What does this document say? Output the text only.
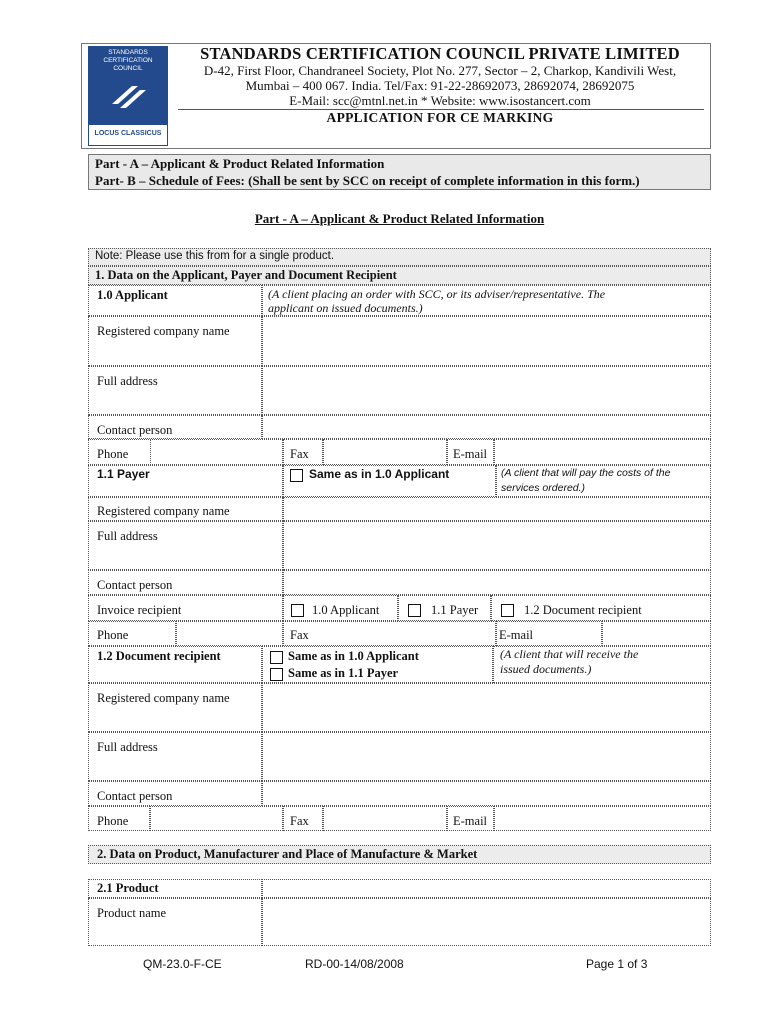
STANDARDS
CERTIFICATION
COUNCIL
LOCUS CLASSICUS
STANDARDS CERTIFICATION COUNCIL PRIVATE LIMITED
D-42, First Floor, Chandraneel Society, Plot No. 277, Sector – 2, Charkop, Kandivili West,
Mumbai – 400 067. India. Tel/Fax: 91-22-28692073, 28692074, 28692075
E-Mail: scc@mtnl.net.in * Website: www.isostancert.com
APPLICATION FOR CE MARKING
Part - A – Applicant & Product Related Information
Part- B – Schedule of Fees: (Shall be sent by SCC on receipt of complete information in this form.)
Part - A – Applicant & Product Related Information
Note: Please use this from for a single product.
1. Data on the Applicant, Payer and Document Recipient
1.0 Applicant	(A client placing an order with SCC, or its adviser/representative. The
applicant on issued documents.)
Registered company name
Full address
Contact person
Phone	Fax	E-mail
1.1 Payer	Same as in 1.0 Applicant	(A client that will pay the costs of the
services ordered.)
Registered company name
Full address
Contact person
Invoice recipient	1.0 Applicant	1.1 Payer	1.2 Document recipient
Phone	Fax	E-mail
1.2 Document recipient	Same as in 1.0 Applicant
Same as in 1.1 Payer
(A client that will receive the
issued documents.)
Registered company name
Full address
Contact person
Phone	Fax	E-mail
2. Data on Product, Manufacturer and Place of Manufacture & Market
2.1 Product
Product name
QM-23.0-F-CE	RD-00-14/08/2008	Page 1 of 3
